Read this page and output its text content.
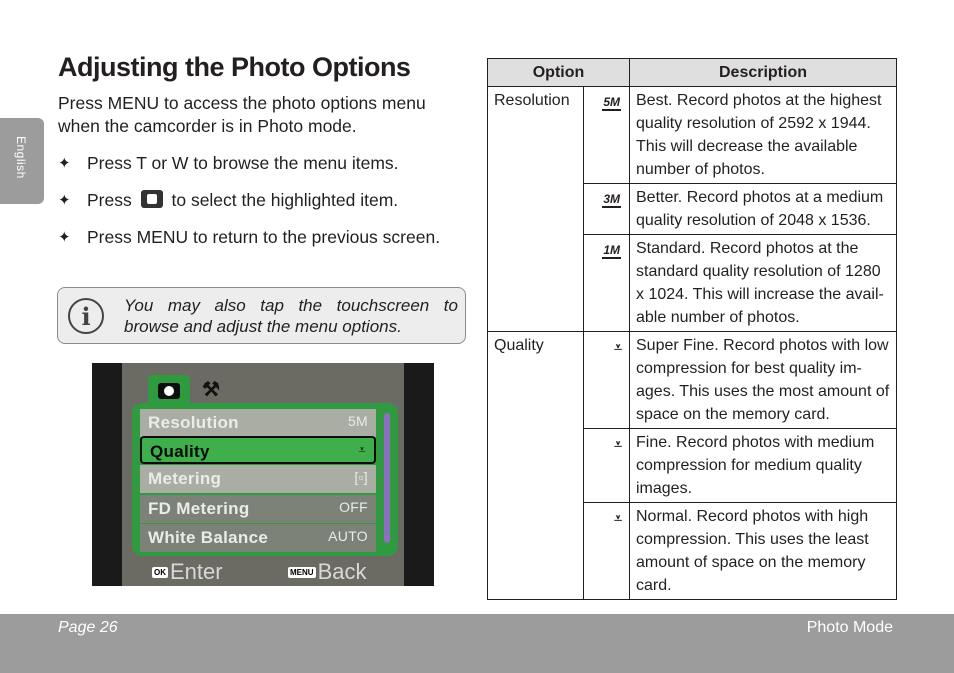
English
Adjusting the Photo Options

Press MENU to access the photo options menu when the camcorder is in Photo mode.

✦ Press T or W to browse the menu items.
✦ Press to select the highlighted item.
✦ Press MENU to return to the previous screen.
i	You may also tap the touchscreen to browse and adjust the menu options.
⚒
Resolution	5M
Quality	⩡
Metering	[▫]
FD Metering	OFF
White Balance	AUTO
OK Enter	MENU Back
Option		Description
Resolution	5M	Best. Record photos at the highest quality resolution of 2592 x 1944. This will decrease the available number of photos.
	3M	Better. Record photos at a medium quality resolution of 2048 x 1536.
	1M	Standard. Record photos at the standard quality resolution of 1280 x 1024. This will increase the avail-able number of photos.
Quality	⩡	Super Fine. Record photos with low compression for best quality im-ages. This uses the most amount of space on the memory card.
	⩡	Fine. Record photos with medium compression for medium quality images.
	⩡	Normal. Record photos with high compression. This uses the least amount of space on the memory card.
Page 26	Photo Mode
